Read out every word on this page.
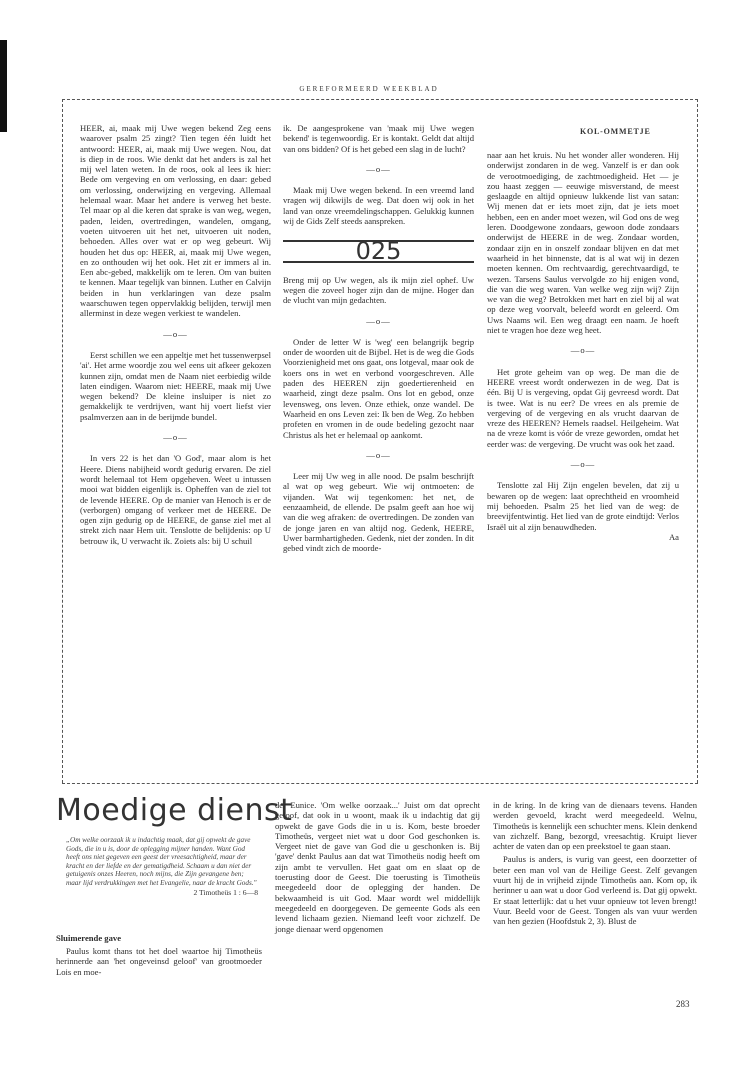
GEREFORMEERD WEEKBLAD
KOL-OMMETJE

HEER, ai, maak mij Uwe wegen bekend Zeg eens waarover psalm 25 zingt? Tien tegen één luidt het antwoord: HEER, ai, maak mij Uwe wegen. Nou, dat is diep in de roos. Wie denkt dat het anders is zal het mij wel laten weten. In de roos, ook al lees ik hier: Bede om vergeving en om verlossing, en daar: gebed om verlossing, onderwijzing en vergeving. Allemaal helemaal waar. Maar het andere is verweg het beste. Tel maar op al die keren dat sprake is van weg, wegen, paden, leiden, overtredingen, wandelen, omgang, voeten uitvoeren uit het net, uitvoeren uit noden, behoeden. Alles over wat er op weg gebeurt. Wij houden het dus op: HEER, ai, maak mij Uwe wegen, en zo onthouden wij het ook. Het zit er immers al in. Een abc-gebed, makkelijk om te leren. Om van buiten te kennen. Maar tegelijk van binnen. Luther en Calvijn beiden in hun verklaringen van deze psalm waarschuwen tegen oppervlakkig belijden, terwijl men allerminst in deze wegen verkiest te wandelen.

—o—

Eerst schillen we een appeltje met het tussenwerpsel 'ai'. Het arme woordje zou wel eens uit afkeer gekozen kunnen zijn, omdat men de Naam niet eerbiedig wilde laten eindigen. Waarom niet: HEERE, maak mij Uwe wegen bekend? De kleine insluiper is niet zo gemakkelijk te verdrijven, want hij voert liefst vier psalmverzen aan in de berijmde bundel.

—o—

In vers 22 is het dan 'O God', maar alom is het Heere. Diens nabijheid wordt gedurig ervaren. De ziel wordt helemaal tot Hem opgeheven. Weet u intussen mooi wat bidden eigenlijk is. Opheffen van de ziel tot de levende HEERE. Op de manier van Henoch is er de (verborgen) omgang of verkeer met de HEERE. De ogen zijn gedurig op de HEERE, de ganse ziel met al strekt zich naar Hem uit. Tenslotte de belijdenis: op U betrouw ik, U verwacht ik. Zoiets als: bij U schuil

ik. De aangesprokene van 'maak mij Uwe wegen bekend' is tegenwoordig. Er is kontakt. Geldt dat altijd van ons bidden? Of is het gebed een slag in de lucht?

—o—

Maak mij Uwe wegen bekend. In een vreemd land vragen wij dikwijls de weg. Dat doen wij ook in het land van onze vreemdelingschappen. Gelukkig kunnen wij de Gids Zelf steeds aanspreken.

025

Breng mij op Uw wegen, als ik mijn ziel ophef. Uw wegen die zoveel hoger zijn dan de mijne. Hoger dan de vlucht van mijn gedachten.

—o—

Onder de letter W is 'weg' een belangrijk begrip onder de woorden uit de Bijbel. Het is de weg die Gods Voorzienigheid met ons gaat, ons lotgeval, maar ook de koers ons in wet en verbond voorgeschreven. Alle paden des HEEREN zijn goedertierenheid en waarheid, zingt deze psalm. Ons lot en gebod, onze levensweg, ons leven. Onze ethiek, onze wandel. De Waarheid en ons Leven zei: Ik ben de Weg. Zo hebben profeten en vromen in de oude bedeling gezocht naar Christus als het er helemaal op aankomt.

—o—

Leer mij Uw weg in alle nood. De psalm beschrijft al wat op weg gebeurt. Wie wij ontmoeten: de vijanden. Wat wij tegenkomen: het net, de eenzaamheid, de ellende. De psalm geeft aan hoe wij van die weg afraken: de overtredingen. De zonden van de jonge jaren en van altijd nog. Gedenk, HEERE, Uwer barmhartigheden. Gedenk, niet der zonden. In dit gebed vindt zich de moorde-

naar aan het kruis. Nu het wonder aller wonderen. Hij onderwijst zondaren in de weg. Vanzelf is er dan ook de verootmoediging, de zachtmoedigheid. Het — je zou haast zeggen — eeuwige misverstand, de meest geslaagde en altijd opnieuw lukkende list van satan: Wij menen dat er iets moet zijn, dat je iets moet hebben, een en ander moet wezen, wil God ons de weg leren. Doodgewone zondaars, gewoon dode zondaars onderwijst de HEERE in de weg. Zondaar worden, zondaar zijn en in onszelf zondaar blijven en dat met waarheid in het binnenste, dat is al wat wij in dezen moeten kennen. Om rechtvaardig, gerechtvaardigd, te wezen. Tarsens Saulus vervolgde zo hij enigen vond, die van die weg waren. Van welke weg zijn wij? Zijn we van die weg? Betrokken met hart en ziel bij al wat op deze weg voorvalt, beleefd wordt en geleerd. Om Uws Naams wil. Een weg draagt een naam. Je hoeft niet te vragen hoe deze weg heet.

—o—

Het grote geheim van op weg. De man die de HEERE vreest wordt onderwezen in de weg. Dat is één. Bij U is vergeving, opdat Gij gevreesd wordt. Dat is twee. Wat is nu eer? De vrees en als premie de vergeving of de vergeving en als vrucht daarvan de vreze des HEEREN? Hemels raadsel. Heilgeheim. Wat na de vreze komt is vóór de vreze geworden, omdat het eerder was: de vergeving. De vrucht was ook het zaad.

—o—

Tenslotte zal Hij Zijn engelen bevelen, dat zij u bewaren op de wegen: laat oprechtheid en vroomheid mij behoeden. Psalm 25 het lied van de weg: de breevijfentwintig. Het lied van de grote eindtijd: Verlos Israël uit al zijn benauwdheden.

Aa
Moedige dienst
„Om welke oorzaak ik u indachtig maak, dat gij opwekt de gave Gods, die in u is, door de oplegging mijner handen. Want God heeft ons niet gegeven een geest der vreesachtigheid, maar der kracht en der liefde en der gematigdheid. Schaam u dan niet der getuigenis onzes Heeren, noch mijns, die Zijn gevangene ben; maar lijd verdrukkingen met het Evangelie, naar de kracht Gods."
2 Timotheüs 1 : 6—8
Sluimerende gave

Paulus komt thans tot het doel waartoe hij Timotheüs herinnerde aan 'het ongeveinsd geloof' van grootmoeder Lois en moe-

der Eunice. 'Om welke oorzaak...' Juist om dat oprecht geloof, dat ook in u woont, maak ik u indachtig dat gij opwekt de gave Gods die in u is. Kom, beste broeder Timotheüs, vergeet niet wat u door God geschonken is. Vergeet niet de gave van God die u geschonken is. Bij 'gave' denkt Paulus aan dat wat Timotheüs nodig heeft om zijn ambt te vervullen. Het gaat om en slaat op de toerusting door de Geest. Die toerusting is Timotheüs meegedeeld door de oplegging der handen. De bekwaamheid is uit God. Maar wordt wel middellijk meegedeeld en doorgegeven. De gemeente Gods als een levend lichaam gezien. Niemand leeft voor zichzelf. De jonge dienaar werd opgenomen

in de kring. In de kring van de dienaars tevens. Handen werden gevoeld, kracht werd meegedeeld. Welnu, Timotheüs is kennelijk een schuchter mens. Klein denkend van zichzelf. Bang, bezorgd, vreesachtig. Kruipt liever achter de vaten dan op een preekstoel te gaan staan.

Paulus is anders, is vurig van geest, een doorzetter of beter een man vol van de Heilige Geest. Zelf gevangen vuurt hij de in vrijheid zijnde Timotheüs aan. Kom op, ik herinner u aan wat u door God verleend is. Dat gij opwekt. Er staat letterlijk: dat u het vuur opnieuw tot leven brengt! Vuur. Beeld voor de Geest. Tongen als van vuur werden van hen gezien (Hoofdstuk 2, 3). Blust de

283
